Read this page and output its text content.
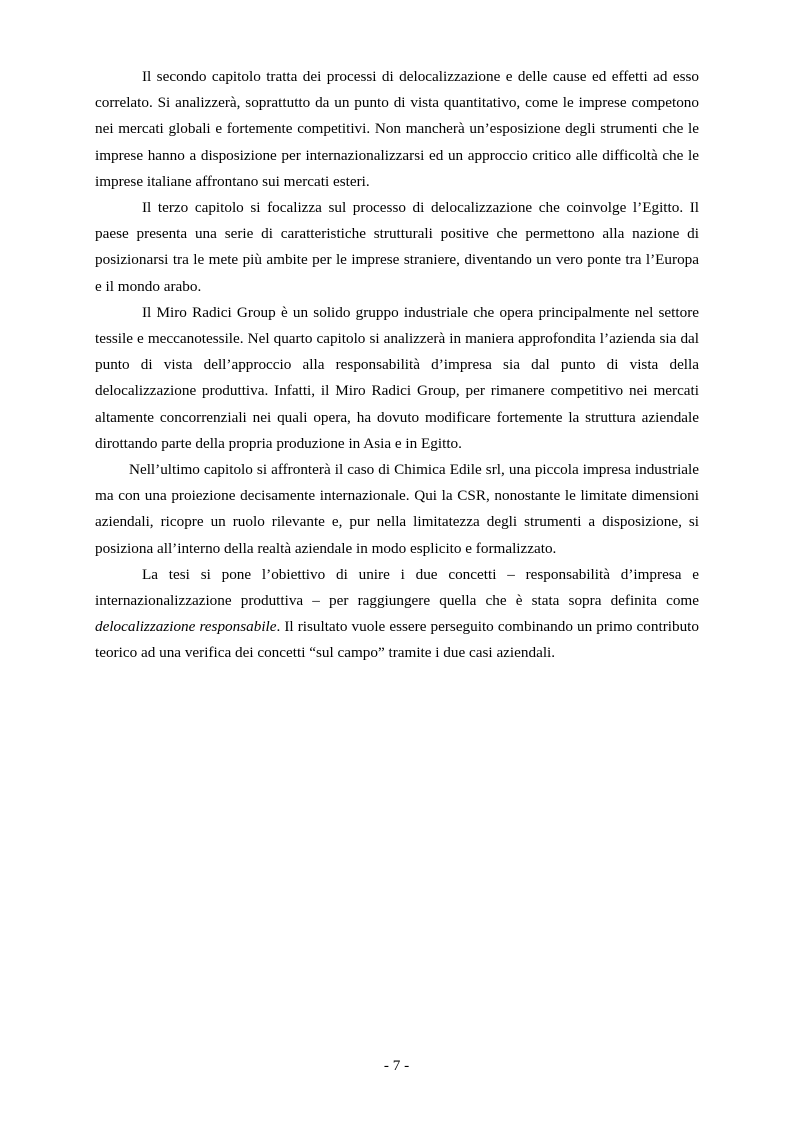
Il secondo capitolo tratta dei processi di delocalizzazione e delle cause ed effetti ad esso correlato. Si analizzerà, soprattutto da un punto di vista quantitativo, come le imprese competono nei mercati globali e fortemente competitivi. Non mancherà un’esposizione degli strumenti che le imprese hanno a disposizione per internazionalizzarsi ed un approccio critico alle difficoltà che le imprese italiane affrontano sui mercati esteri.

Il terzo capitolo si focalizza sul processo di delocalizzazione che coinvolge l’Egitto. Il paese presenta una serie di caratteristiche strutturali positive che permettono alla nazione di posizionarsi tra le mete più ambite per le imprese straniere, diventando un vero ponte tra l’Europa e il mondo arabo.

Il Miro Radici Group è un solido gruppo industriale che opera principalmente nel settore tessile e meccanotessile. Nel quarto capitolo si analizzerà in maniera approfondita l’azienda sia dal punto di vista dell’approccio alla responsabilità d’impresa sia dal punto di vista della delocalizzazione produttiva. Infatti, il Miro Radici Group, per rimanere competitivo nei mercati altamente concorrenziali nei quali opera, ha dovuto modificare fortemente la struttura aziendale dirottando parte della propria produzione in Asia e in Egitto.

Nell’ultimo capitolo si affronterà il caso di Chimica Edile srl, una piccola impresa industriale ma con una proiezione decisamente internazionale. Qui la CSR, nonostante le limitate dimensioni aziendali, ricopre un ruolo rilevante e, pur nella limitatezza degli strumenti a disposizione, si posiziona all’interno della realtà aziendale in modo esplicito e formalizzato.

La tesi si pone l’obiettivo di unire i due concetti – responsabilità d’impresa e internazionalizzazione produttiva – per raggiungere quella che è stata sopra definita come delocalizzazione responsabile. Il risultato vuole essere perseguito combinando un primo contributo teorico ad una verifica dei concetti “sul campo” tramite i due casi aziendali.

- 7 -
